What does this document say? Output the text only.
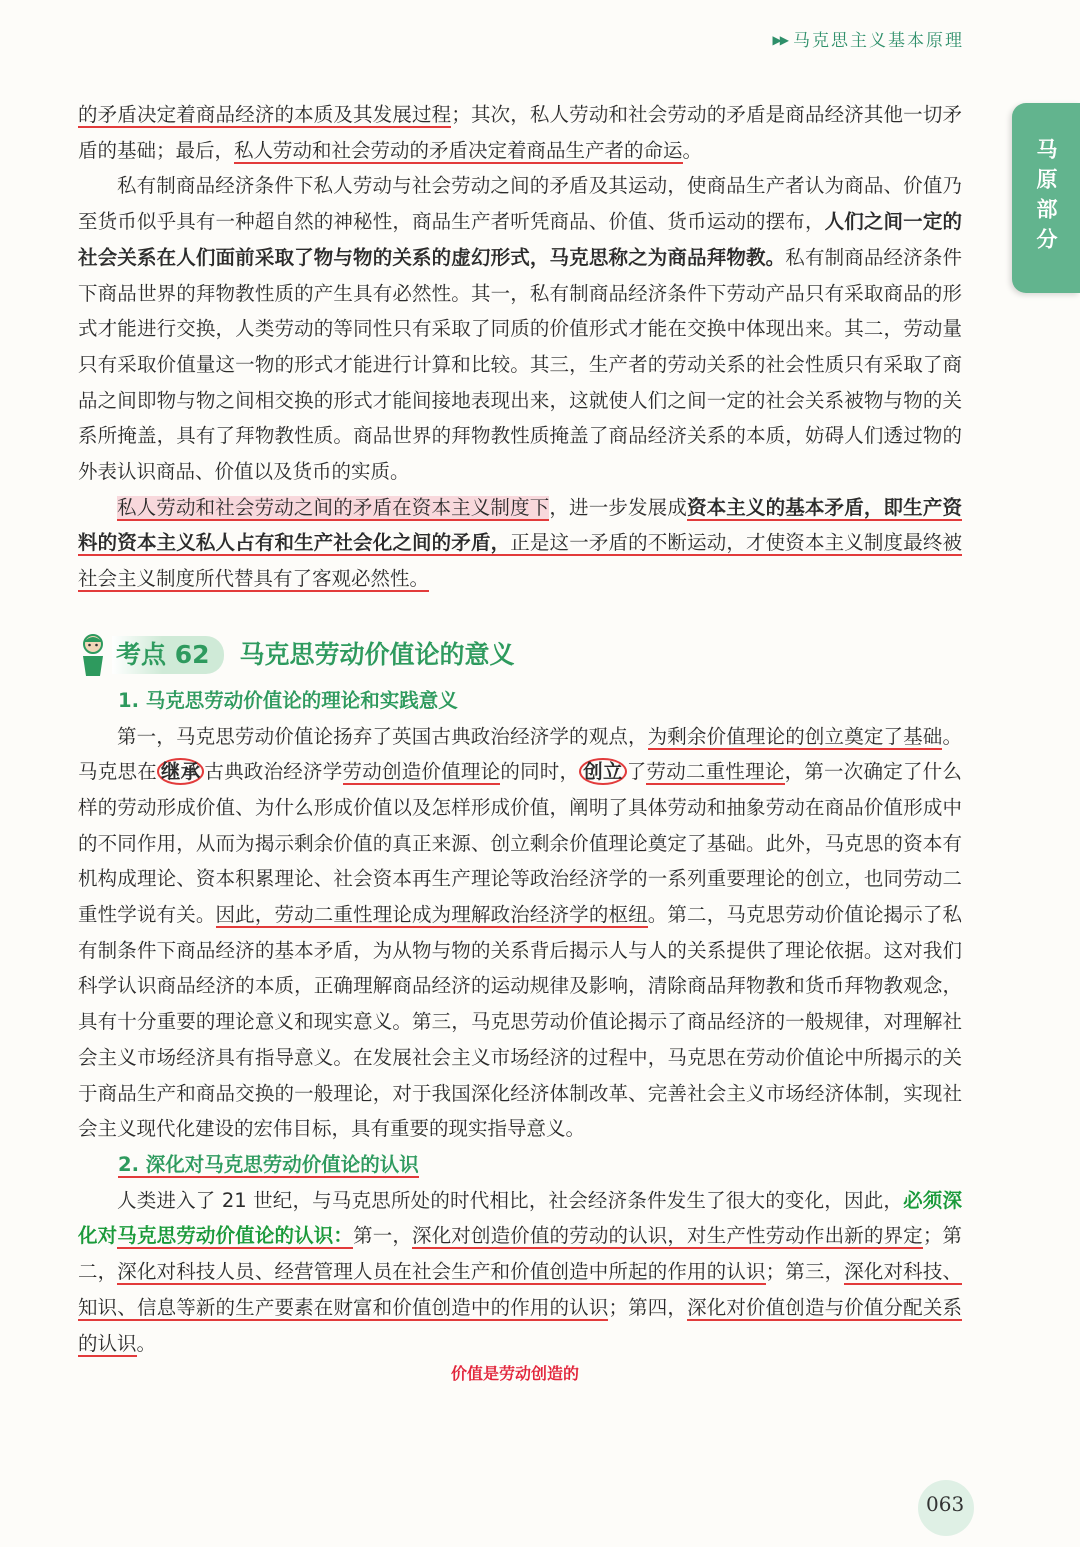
▶▶ 马克思主义基本原理
马原部分

的矛盾决定着商品经济的本质及其发展过程；其次，私人劳动和社会劳动的矛盾是商品经济其他一切矛盾的基础；最后，私人劳动和社会劳动的矛盾决定着商品生产者的命运。

私有制商品经济条件下私人劳动与社会劳动之间的矛盾及其运动，使商品生产者认为商品、价值乃至货币似乎具有一种超自然的神秘性，商品生产者听凭商品、价值、货币运动的摆布，人们之间一定的社会关系在人们面前采取了物与物的关系的虚幻形式，马克思称之为商品拜物教。私有制商品经济条件下商品世界的拜物教性质的产生具有必然性。其一，私有制商品经济条件下劳动产品只有采取商品的形式才能进行交换，人类劳动的等同性只有采取了同质的价值形式才能在交换中体现出来。其二，劳动量只有采取价值量这一物的形式才能进行计算和比较。其三，生产者的劳动关系的社会性质只有采取了商品之间即物与物之间相交换的形式才能间接地表现出来，这就使人们之间一定的社会关系被物与物的关系所掩盖，具有了拜物教性质。商品世界的拜物教性质掩盖了商品经济关系的本质，妨碍人们透过物的外表认识商品、价值以及货币的实质。

私人劳动和社会劳动之间的矛盾在资本主义制度下，进一步发展成资本主义的基本矛盾，即生产资料的资本主义私人占有和生产社会化之间的矛盾，正是这一矛盾的不断运动，才使资本主义制度最终被社会主义制度所代替具有了客观必然性。

考点 62	马克思劳动价值论的意义
1. 马克思劳动价值论的理论和实践意义

第一，马克思劳动价值论扬弃了英国古典政治经济学的观点，为剩余价值理论的创立奠定了基础。马克思在 继承 古典政治经济学劳动创造价值理论的同时， 创立 了劳动二重性理论，第一次确定了什么样的劳动形成价值、为什么形成价值以及怎样形成价值，阐明了具体劳动和抽象劳动在商品价值形成中的不同作用，从而为揭示剩余价值的真正来源、创立剩余价值理论奠定了基础。此外，马克思的资本有机构成理论、资本积累理论、社会资本再生产理论等政治经济学的一系列重要理论的创立，也同劳动二重性学说有关。因此，劳动二重性理论成为理解政治经济学的枢纽。第二，马克思劳动价值论揭示了私有制条件下商品经济的基本矛盾，为从物与物的关系背后揭示人与人的关系提供了理论依据。这对我们科学认识商品经济的本质，正确理解商品经济的运动规律及影响，清除商品拜物教和货币拜物教观念，具有十分重要的理论意义和现实意义。第三，马克思劳动价值论揭示了商品经济的一般规律，对理解社会主义市场经济具有指导意义。在发展社会主义市场经济的过程中，马克思在劳动价值论中所揭示的关于商品生产和商品交换的一般理论，对于我国深化经济体制改革、完善社会主义市场经济体制，实现社会主义现代化建设的宏伟目标，具有重要的现实指导意义。

2. 深化对马克思劳动价值论的认识

人类进入了 21 世纪，与马克思所处的时代相比，社会经济条件发生了很大的变化，因此，必须深化对马克思劳动价值论的认识：第一，深化对创造价值的劳动的认识，对生产性劳动作出新的界定；第二，深化对科技人员、经营管理人员在社会生产和价值创造中所起的作用的认识；第三，深化对科技、知识、信息等新的生产要素在财富和价值创造中的作用的认识；第四，深化对价值创造与价值分配关系的认识。

价值是劳动创造的
063
